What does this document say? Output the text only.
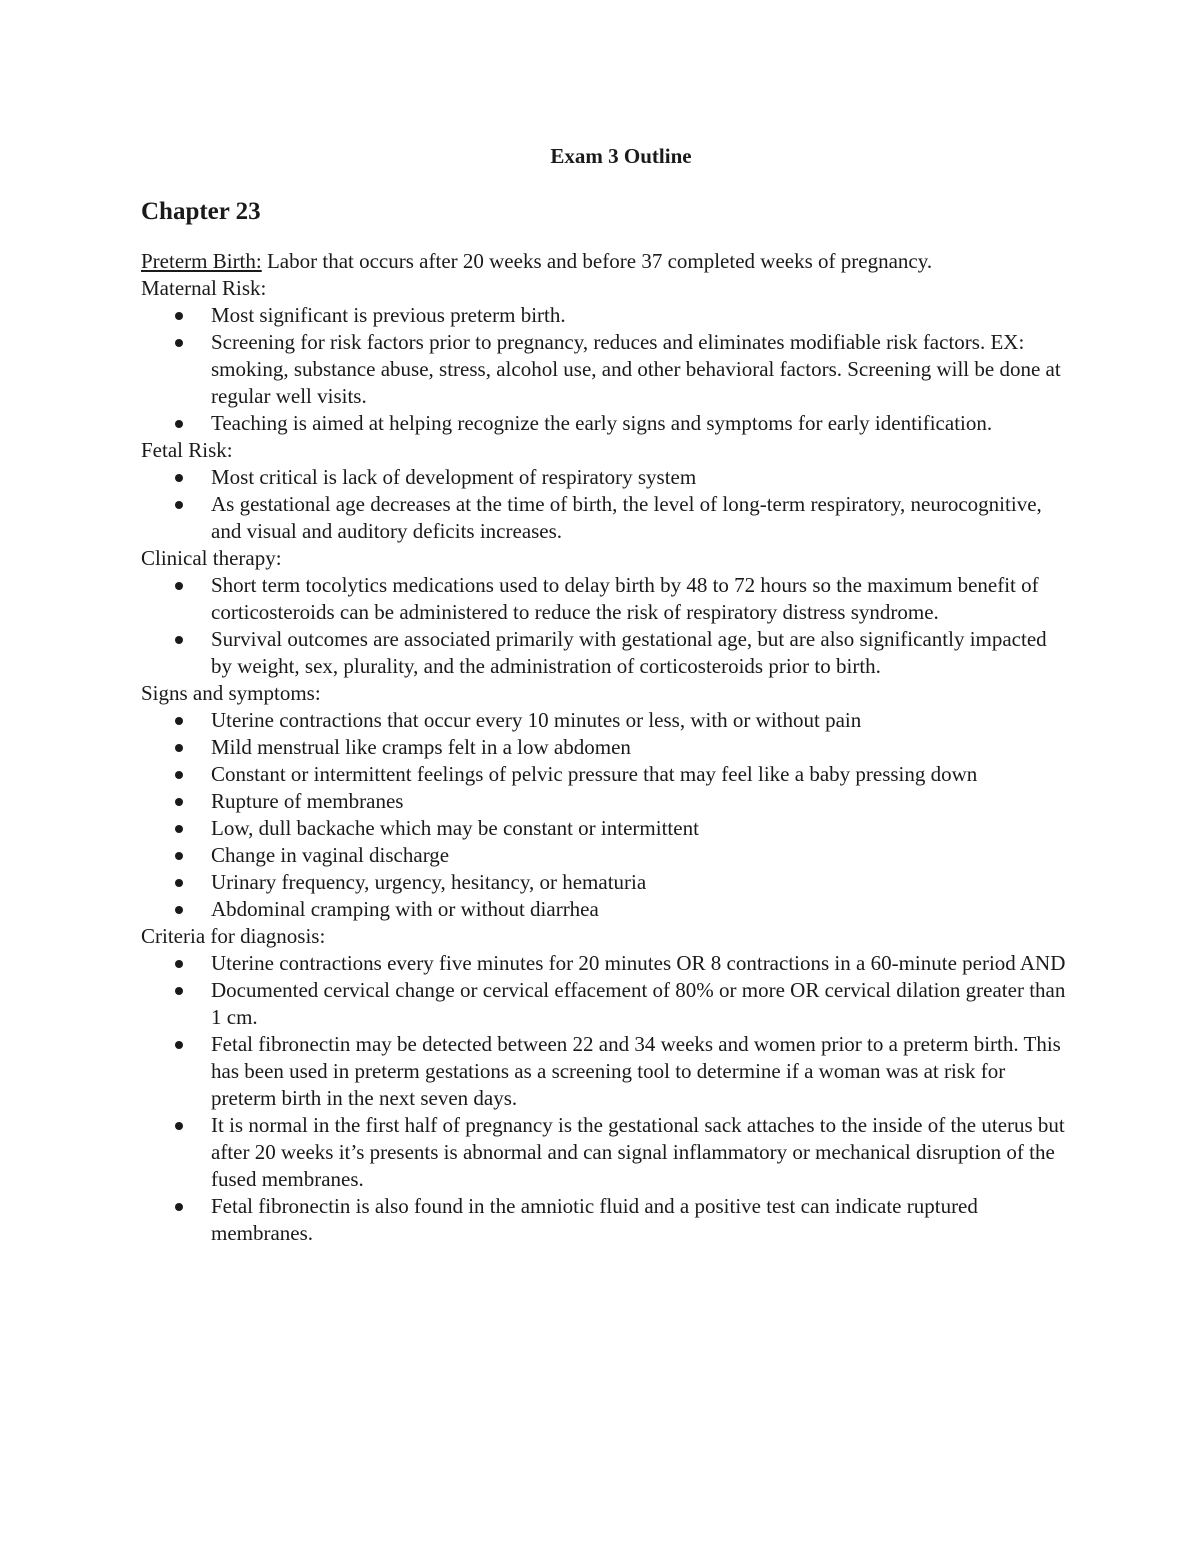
Exam 3 Outline
Chapter 23

Preterm Birth: Labor that occurs after 20 weeks and before 37 completed weeks of pregnancy.

Maternal Risk:

Most significant is previous preterm birth.
Screening for risk factors prior to pregnancy, reduces and eliminates modifiable risk factors. EX: smoking, substance abuse, stress, alcohol use, and other behavioral factors. Screening will be done at regular well visits.
Teaching is aimed at helping recognize the early signs and symptoms for early identification.

Fetal Risk:

Most critical is lack of development of respiratory system
As gestational age decreases at the time of birth, the level of long-term respiratory, neurocognitive, and visual and auditory deficits increases.

Clinical therapy:

Short term tocolytics medications used to delay birth by 48 to 72 hours so the maximum benefit of corticosteroids can be administered to reduce the risk of respiratory distress syndrome.
Survival outcomes are associated primarily with gestational age, but are also significantly impacted by weight, sex, plurality, and the administration of corticosteroids prior to birth.

Signs and symptoms:

Uterine contractions that occur every 10 minutes or less, with or without pain
Mild menstrual like cramps felt in a low abdomen
Constant or intermittent feelings of pelvic pressure that may feel like a baby pressing down
Rupture of membranes
Low, dull backache which may be constant or intermittent
Change in vaginal discharge
Urinary frequency, urgency, hesitancy, or hematuria
Abdominal cramping with or without diarrhea

Criteria for diagnosis:

Uterine contractions every five minutes for 20 minutes OR 8 contractions in a 60-minute period AND
Documented cervical change or cervical effacement of 80% or more OR cervical dilation greater than 1 cm.
Fetal fibronectin may be detected between 22 and 34 weeks and women prior to a preterm birth. This has been used in preterm gestations as a screening tool to determine if a woman was at risk for preterm birth in the next seven days.
It is normal in the first half of pregnancy is the gestational sack attaches to the inside of the uterus but after 20 weeks it’s presents is abnormal and can signal inflammatory or mechanical disruption of the fused membranes.
Fetal fibronectin is also found in the amniotic fluid and a positive test can indicate ruptured membranes.
